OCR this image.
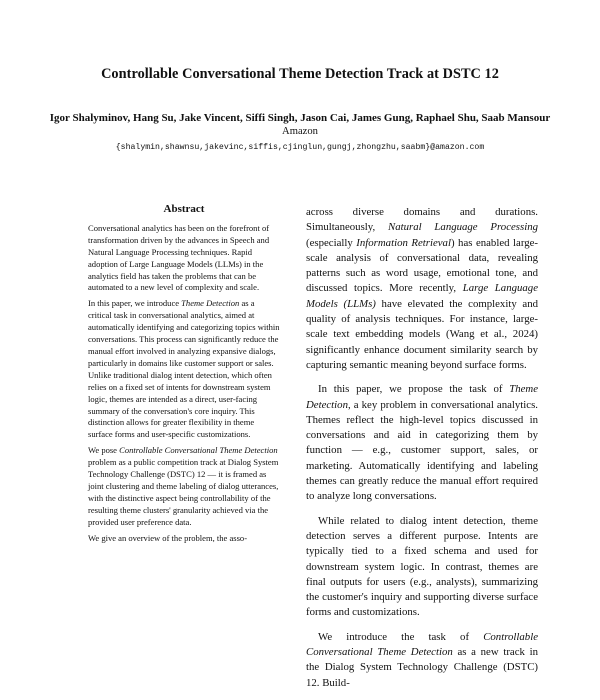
Controllable Conversational Theme Detection Track at DSTC 12
Igor Shalyminov, Hang Su, Jake Vincent, Siffi Singh, Jason Cai, James Gung, Raphael Shu, Saab Mansour
Amazon
{shalymin,shawnsu,jakevinc,siffis,cjinglun,gungj,zhongzhu,saabm}@amazon.com
Abstract

Conversational analytics has been on the forefront of transformation driven by the advances in Speech and Natural Language Processing techniques. Rapid adoption of Large Language Models (LLMs) in the analytics field has taken the problems that can be automated to a new level of complexity and scale.

In this paper, we introduce Theme Detection as a critical task in conversational analytics, aimed at automatically identifying and categorizing topics within conversations. This process can significantly reduce the manual effort involved in analyzing expansive dialogs, particularly in domains like customer support or sales. Unlike traditional dialog intent detection, which often relies on a fixed set of intents for downstream system logic, themes are intended as a direct, user-facing summary of the conversation's core inquiry. This distinction allows for greater flexibility in theme surface forms and user-specific customizations.

We pose Controllable Conversational Theme Detection problem as a public competition track at Dialog System Technology Challenge (DSTC) 12 — it is framed as joint clustering and theme labeling of dialog utterances, with the distinctive aspect being controllability of the resulting theme clusters' granularity achieved via the provided user preference data.

We give an overview of the problem, the asso-

across diverse domains and durations. Simultaneously, Natural Language Processing (especially Information Retrieval) has enabled large-scale analysis of conversational data, revealing patterns such as word usage, emotional tone, and discussed topics. More recently, Large Language Models (LLMs) have elevated the complexity and quality of analysis techniques. For instance, large-scale text embedding models (Wang et al., 2024) significantly enhance document similarity search by capturing semantic meaning beyond surface forms.

In this paper, we propose the task of Theme Detection, a key problem in conversational analytics. Themes reflect the high-level topics discussed in conversations and aid in categorizing them by function — e.g., customer support, sales, or marketing. Automatically identifying and labeling themes can greatly reduce the manual effort required to analyze long conversations.

While related to dialog intent detection, theme detection serves a different purpose. Intents are typically tied to a fixed schema and used for downstream system logic. In contrast, themes are final outputs for users (e.g., analysts), summarizing the customer's inquiry and supporting diverse surface forms and customizations.

We introduce the task of Controllable Conversational Theme Detection as a new track in the Dialog System Technology Challenge (DSTC) 12. Build-
